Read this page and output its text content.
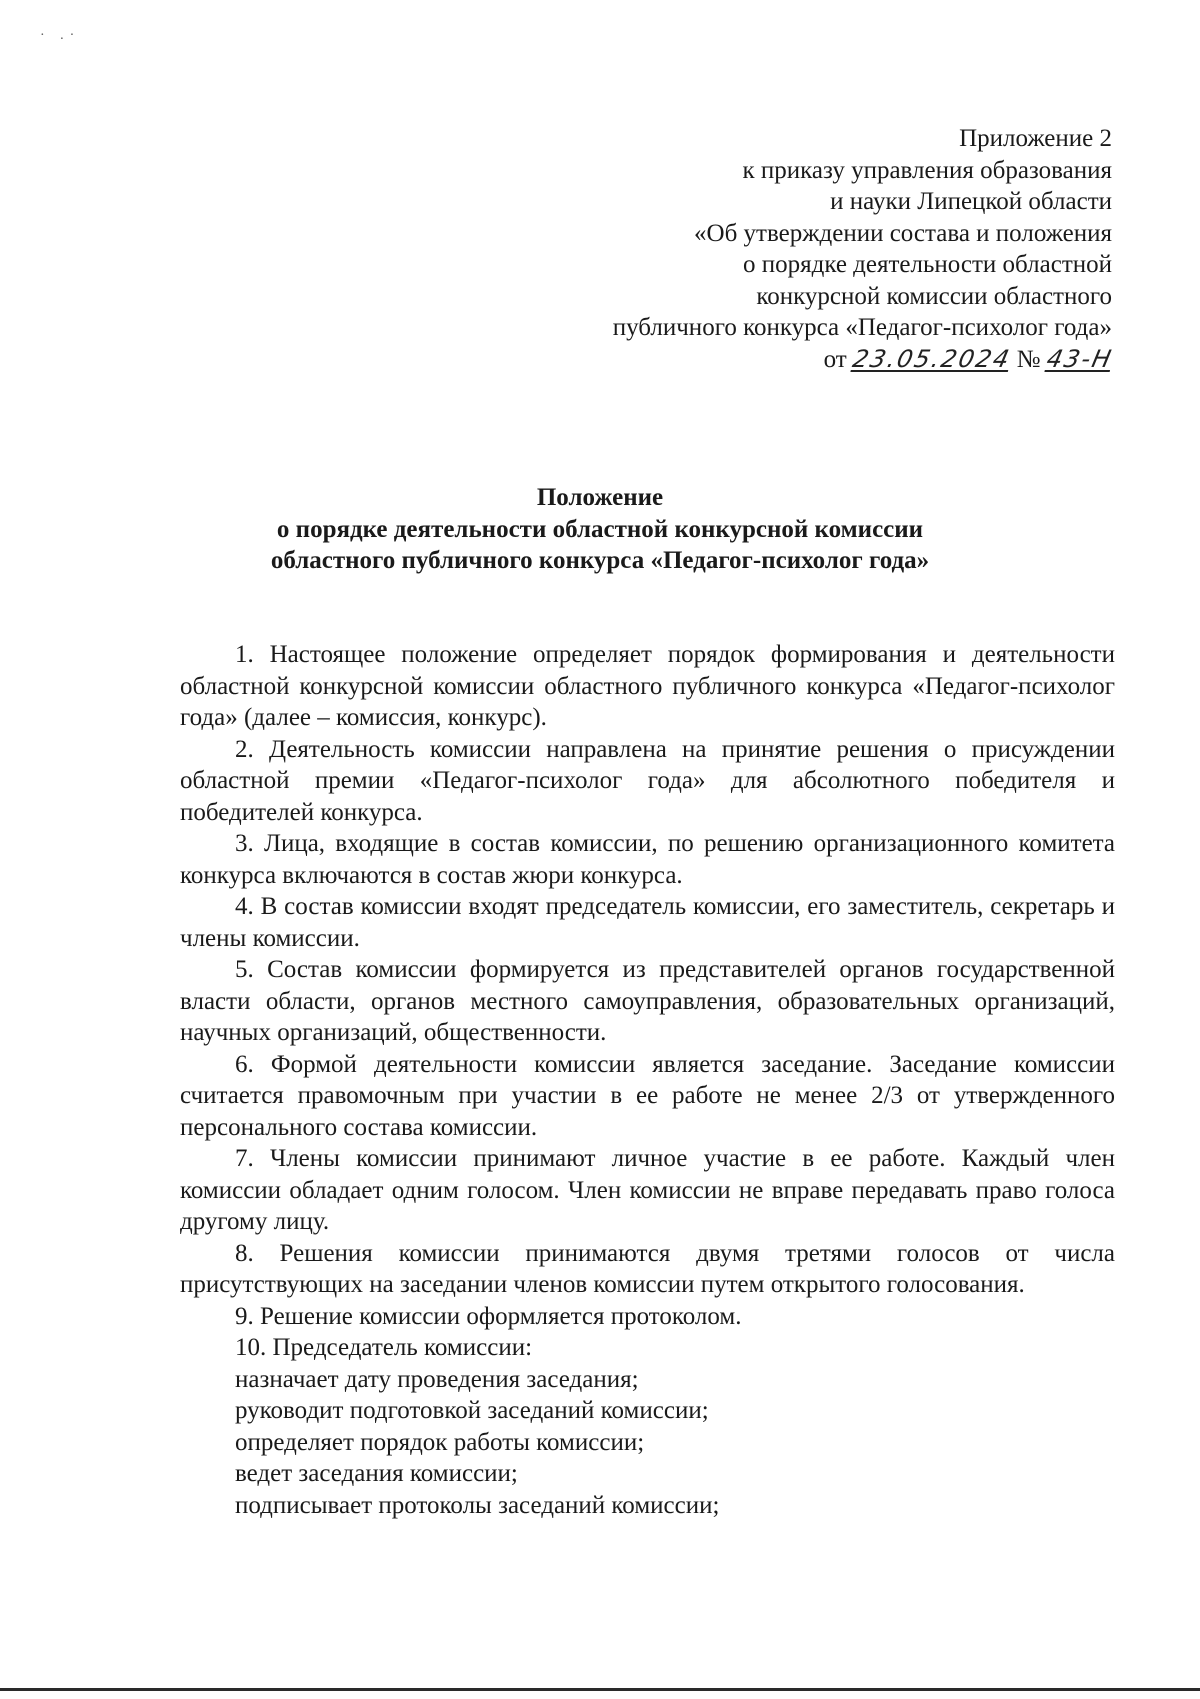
· .·
Приложение 2
к приказу управления образования
и науки Липецкой области
«Об утверждении состава и положения
о порядке деятельности областной
конкурсной комиссии областного
публичного конкурса «Педагог-психолог года»
от 23.05.2024 № 43-Н
Положение
о порядке деятельности областной конкурсной комиссии
областного публичного конкурса «Педагог-психолог года»

1. Настоящее положение определяет порядок формирования и деятельности областной конкурсной комиссии областного публичного конкурса «Педагог-психолог года» (далее – комиссия, конкурс).

2. Деятельность комиссии направлена на принятие решения о присуждении областной премии «Педагог-психолог года» для абсолютного победителя и победителей конкурса.

3. Лица, входящие в состав комиссии, по решению организационного комитета конкурса включаются в состав жюри конкурса.

4. В состав комиссии входят председатель комиссии, его заместитель, секретарь и члены комиссии.

5. Состав комиссии формируется из представителей органов государственной власти области, органов местного самоуправления, образовательных организаций, научных организаций, общественности.

6. Формой деятельности комиссии является заседание. Заседание комиссии считается правомочным при участии в ее работе не менее 2/3 от утвержденного персонального состава комиссии.

7. Члены комиссии принимают личное участие в ее работе. Каждый член комиссии обладает одним голосом. Член комиссии не вправе передавать право голоса другому лицу.

8. Решения комиссии принимаются двумя третями голосов от числа присутствующих на заседании членов комиссии путем открытого голосования.

9. Решение комиссии оформляется протоколом.

10. Председатель комиссии:

назначает дату проведения заседания;
руководит подготовкой заседаний комиссии;
определяет порядок работы комиссии;
ведет заседания комиссии;
подписывает протоколы заседаний комиссии;
